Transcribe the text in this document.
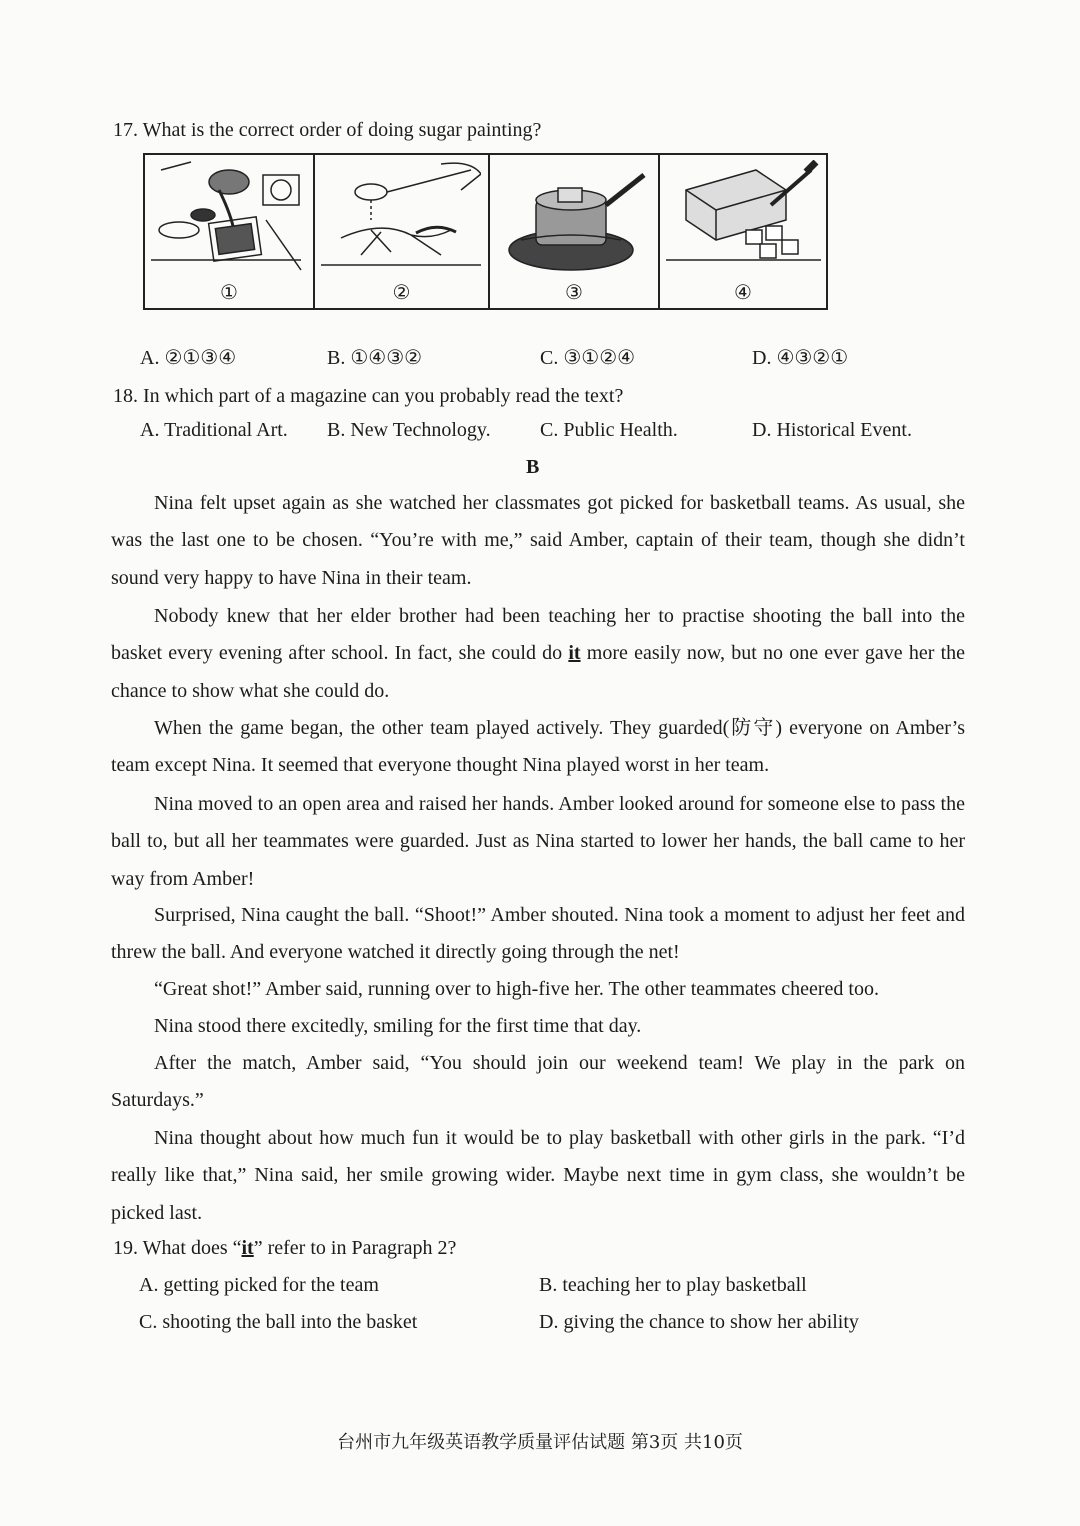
17. What is the correct order of doing sugar painting?
①	②	③	④
A. ②①③④	B. ①④③②	C. ③①②④	D. ④③②①
18. In which part of a magazine can you probably read the text?
A. Traditional Art. B. New Technology. C. Public Health.	D. Historical Event.
B

Nina felt upset again as she watched her classmates got picked for basketball teams. As usual, she was the last one to be chosen. “You’re with me,” said Amber, captain of their team, though she didn’t sound very happy to have Nina in their team.

Nobody knew that her elder brother had been teaching her to practise shooting the ball into the basket every evening after school. In fact, she could do it more easily now, but no one ever gave her the chance to show what she could do.

When the game began, the other team played actively. They guarded(防守) everyone on Amber’s team except Nina. It seemed that everyone thought Nina played worst in her team.

Nina moved to an open area and raised her hands. Amber looked around for someone else to pass the ball to, but all her teammates were guarded. Just as Nina started to lower her hands, the ball came to her way from Amber!

Surprised, Nina caught the ball. “Shoot!” Amber shouted. Nina took a moment to adjust her feet and threw the ball. And everyone watched it directly going through the net!

“Great shot!” Amber said, running over to high-five her. The other teammates cheered too.

Nina stood there excitedly, smiling for the first time that day.

After the match, Amber said, “You should join our weekend team! We play in the park on Saturdays.”

Nina thought about how much fun it would be to play basketball with other girls in the park. “I’d really like that,” Nina said, her smile growing wider. Maybe next time in gym class, she wouldn’t be picked last.

19. What does “it” refer to in Paragraph 2?
A. getting picked for the team	B. teaching her to play basketball
C. shooting the ball into the basket	D. giving the chance to show her ability
台州市九年级英语教学质量评估试题 第3页 共10页
